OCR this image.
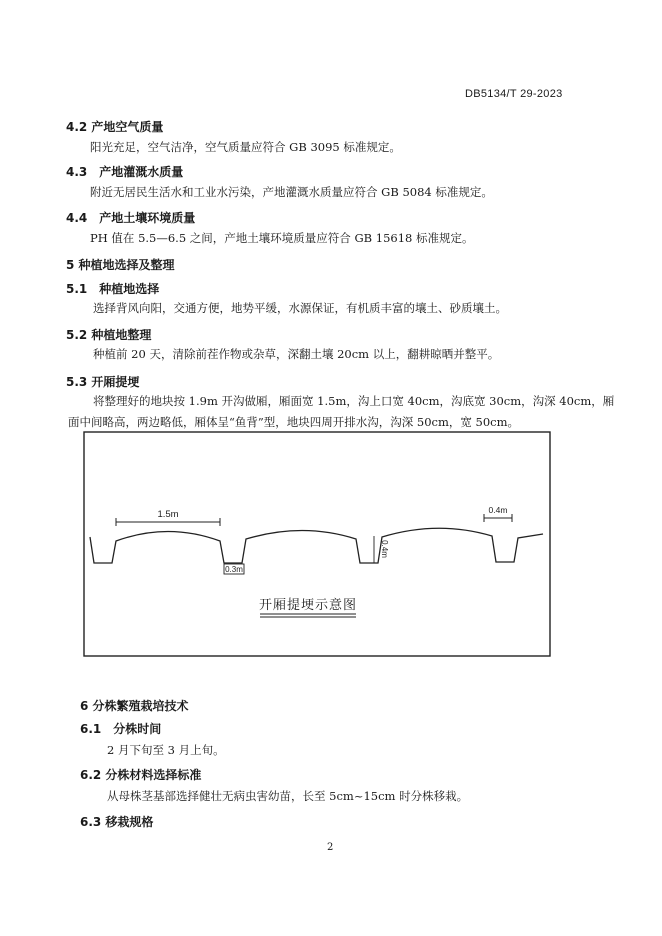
DB5134/T 29-2023
4.2 产地空气质量
阳光充足，空气洁净，空气质量应符合 GB 3095 标准规定。
4.3　产地灌溉水质量
附近无居民生活水和工业水污染，产地灌溉水质量应符合 GB 5084 标准规定。
4.4　产地土壤环境质量
PH 值在 5.5—6.5 之间，产地土壤环境质量应符合 GB 15618 标准规定。
5 种植地选择及整理
5.1　种植地选择
选择背风向阳，交通方便，地势平缓，水源保证，有机质丰富的壤土、砂质壤土。
5.2 种植地整理
种植前 20 天，清除前茬作物或杂草，深翻土壤 20cm 以上，翻耕晾晒并整平。
5.3 开厢提埂
将整理好的地块按 1.9m 开沟做厢，厢面宽 1.5m，沟上口宽 40cm，沟底宽 30cm，沟深 40cm，厢
面中间略高，两边略低，厢体呈“鱼背”型，地块四周开排水沟，沟深 50cm，宽 50cm。
1.5m
0.3m
0.4m
0.4m
开厢提埂示意图
6 分株繁殖栽培技术
6.1　分株时间
2 月下旬至 3 月上旬。
6.2 分株材料选择标准
从母株茎基部选择健壮无病虫害幼苗，长至 5cm~15cm 时分株移栽。
6.3 移栽规格
2
